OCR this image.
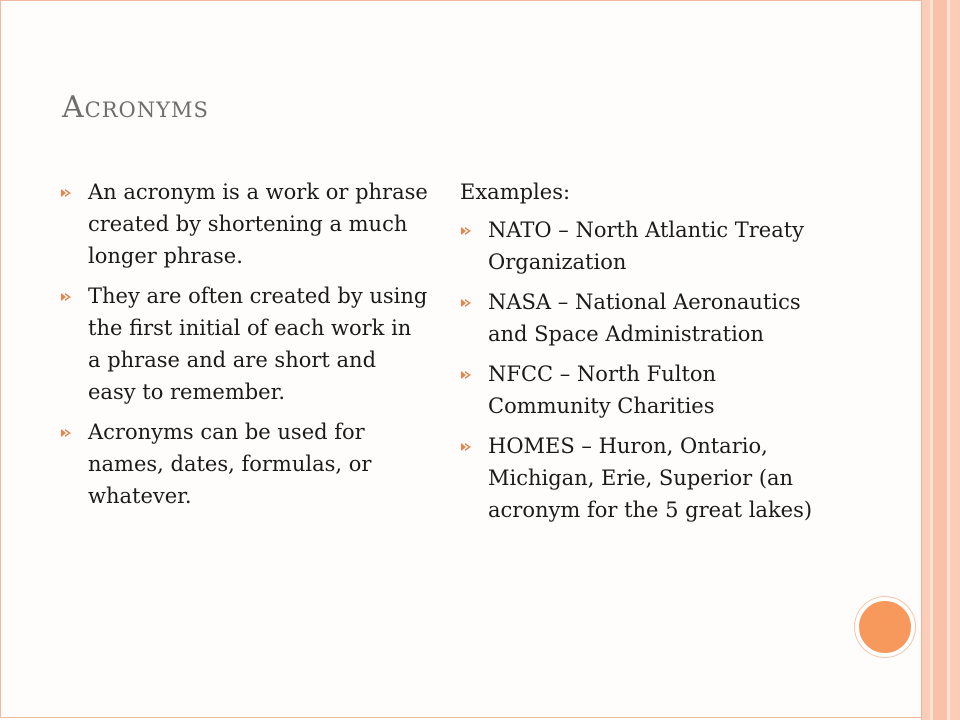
Acronyms
An acronym is a work or phrase created by shortening a much longer phrase.
They are often created by using the first initial of each work in a phrase and are short and easy to remember.
Acronyms can be used for names, dates, formulas, or whatever.

Examples:

NATO – North Atlantic Treaty Organization
NASA – National Aeronautics and Space Administration
NFCC – North Fulton Community Charities
HOMES – Huron, Ontario, Michigan, Erie, Superior (an acronym for the 5 great lakes)
